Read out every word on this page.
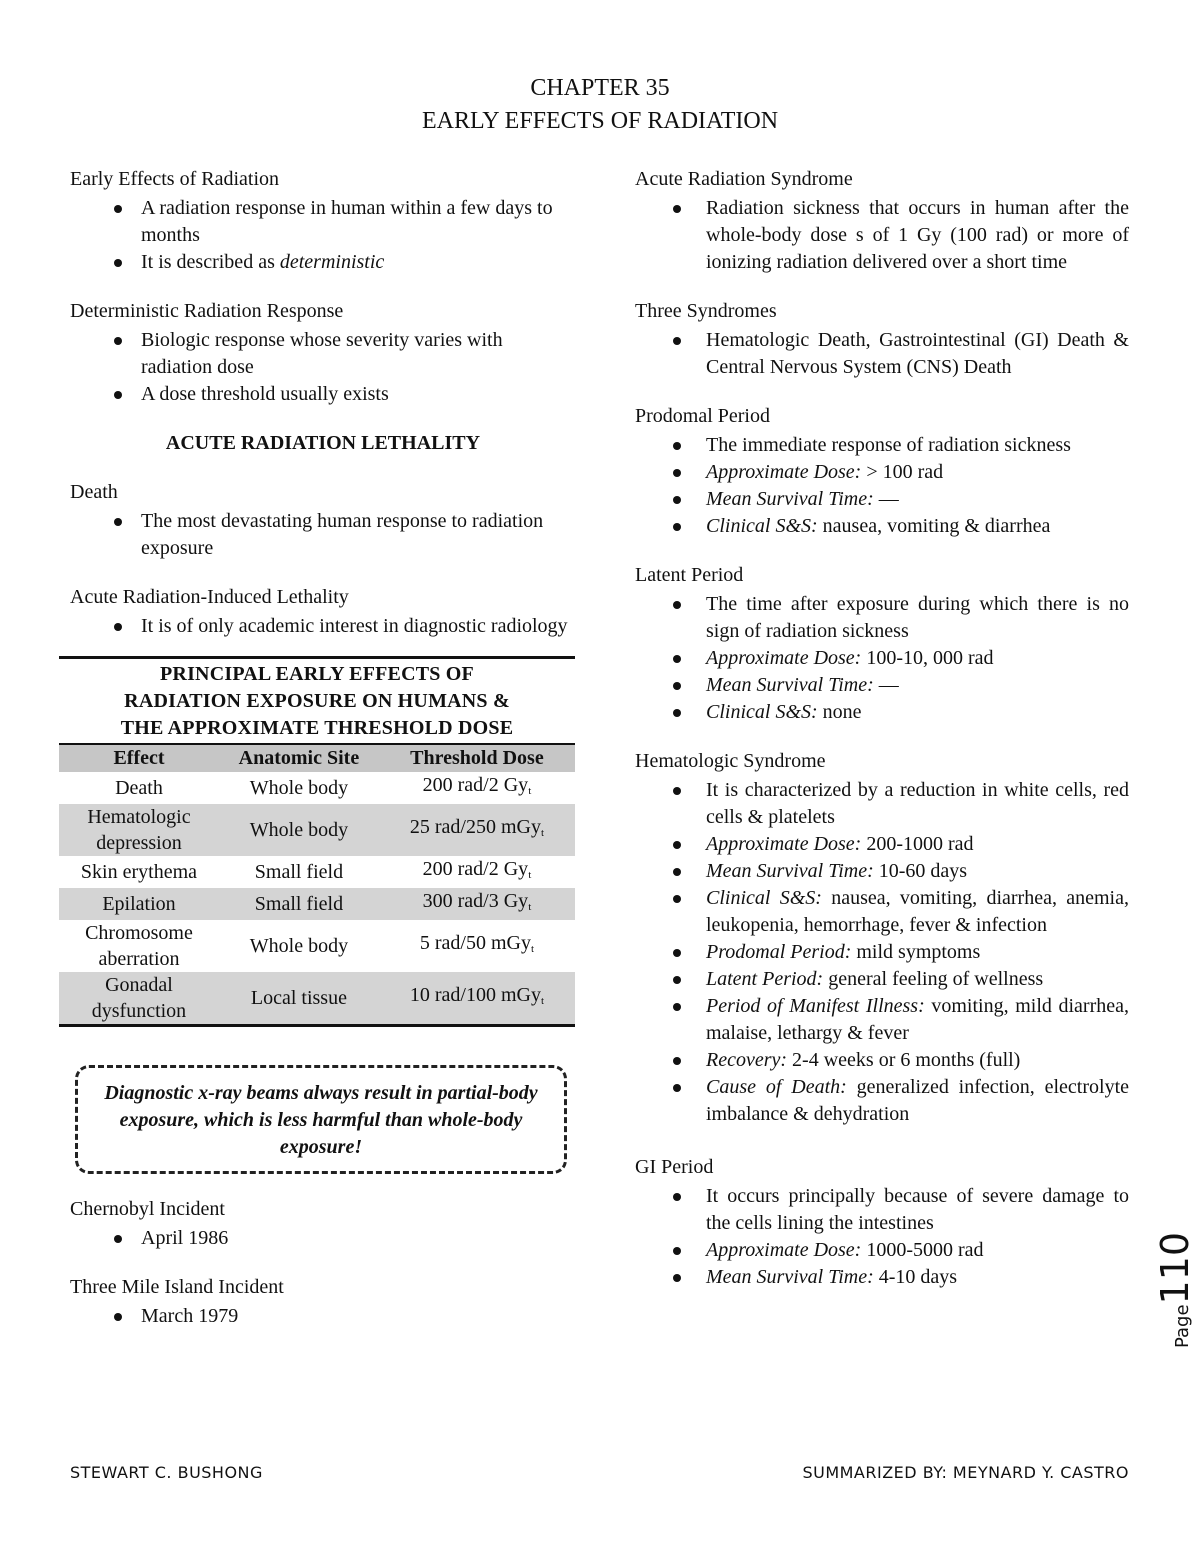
CHAPTER 35
EARLY EFFECTS OF RADIATION
Early Effects of Radiation
A radiation response in human within a few days to months
It is described as deterministic
Deterministic Radiation Response
Biologic response whose severity varies with radiation dose
A dose threshold usually exists
ACUTE RADIATION LETHALITY
Death
The most devastating human response to radiation exposure
Acute Radiation-Induced Lethality
It is of only academic interest in diagnostic radiology
PRINCIPAL EARLY EFFECTS OF
RADIATION EXPOSURE ON HUMANS &
THE APPROXIMATE THRESHOLD DOSE
Effect	Anatomic Site	Threshold Dose
Death	Whole body	200 rad/2 $Gy_t$
Hematologic depression	Whole body	25 rad/250 mGy$_t$
Skin erythema	Small field	200 rad/2 $Gy_t$
Epilation	Small field	300 rad/3 $Gy_t$
Chromosome aberration	Whole body	5 rad/50 mGy$_t$
Gonadal dysfunction	Local tissue	10 rad/100 mGy$_t$
Diagnostic x-ray beams always result in partial-body exposure, which is less harmful than whole-body exposure!
Chernobyl Incident
April 1986
Three Mile Island Incident
March 1979
Acute Radiation Syndrome
Radiation sickness that occurs in human after the whole-body dose s of 1 Gy (100 rad) or more of ionizing radiation delivered over a short time
Three Syndromes
Hematologic Death, Gastrointestinal (GI) Death & Central Nervous System (CNS) Death
Prodomal Period
The immediate response of radiation sickness
Approximate Dose: > 100 rad
Mean Survival Time: —
Clinical S&S: nausea, vomiting & diarrhea
Latent Period
The time after exposure during which there is no sign of radiation sickness
Approximate Dose: 100-10, 000 rad
Mean Survival Time: —
Clinical S&S: none
Hematologic Syndrome
It is characterized by a reduction in white cells, red cells & platelets
Approximate Dose: 200-1000 rad
Mean Survival Time: 10-60 days
Clinical S&S: nausea, vomiting, diarrhea, anemia, leukopenia, hemorrhage, fever & infection
Prodomal Period: mild symptoms
Latent Period: general feeling of wellness
Period of Manifest Illness: vomiting, mild diarrhea, malaise, lethargy & fever
Recovery: 2-4 weeks or 6 months (full)
Cause of Death: generalized infection, electrolyte imbalance & dehydration
GI Period
It occurs principally because of severe damage to the cells lining the intestines
Approximate Dose: 1000-5000 rad
Mean Survival Time: 4-10 days
Page110
STEWART C. BUSHONG	SUMMARIZED BY: MEYNARD Y. CASTRO
